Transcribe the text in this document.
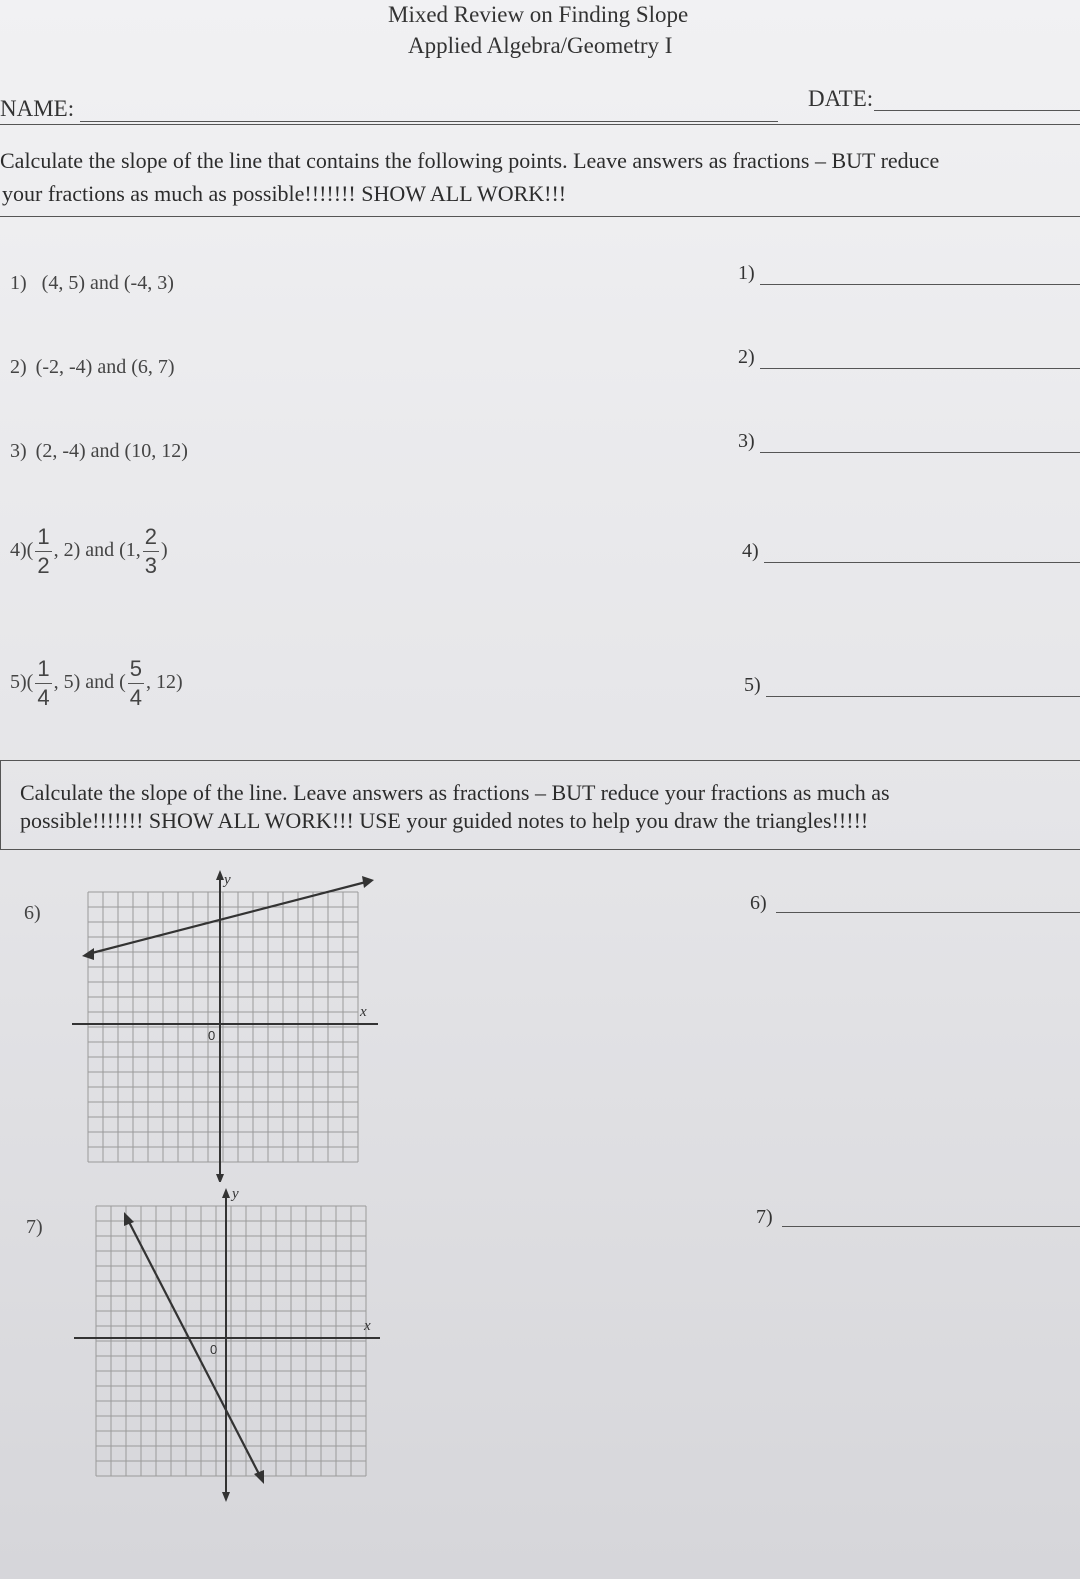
Mixed Review on Finding Slope
Applied Algebra/Geometry I
NAME:	DATE:
Calculate the slope of the line that contains the following points. Leave answers as fractions – BUT reduce
your fractions as much as possible!!!!!!! SHOW ALL WORK!!!
1) (4, 5) and (-4, 3)
2) (-2, -4) and (6, 7)
3) (2, -4) and (10, 12)
$4)( \frac{1}{2}$ , 2) and (1, $\frac{2}{3}$ )
$5)( \frac{1}{4}$ , 5) and ( $\frac{5}{4}$ , 12)
1)
2)
3)
4)
5)
Calculate the slope of the line. Leave answers as fractions – BUT reduce your fractions as much as
possible!!!!!!! SHOW ALL WORK!!! USE your guided notes to help you draw the triangles!!!!!
6)	6)
y
x
0
7)	7)
y
x
0
